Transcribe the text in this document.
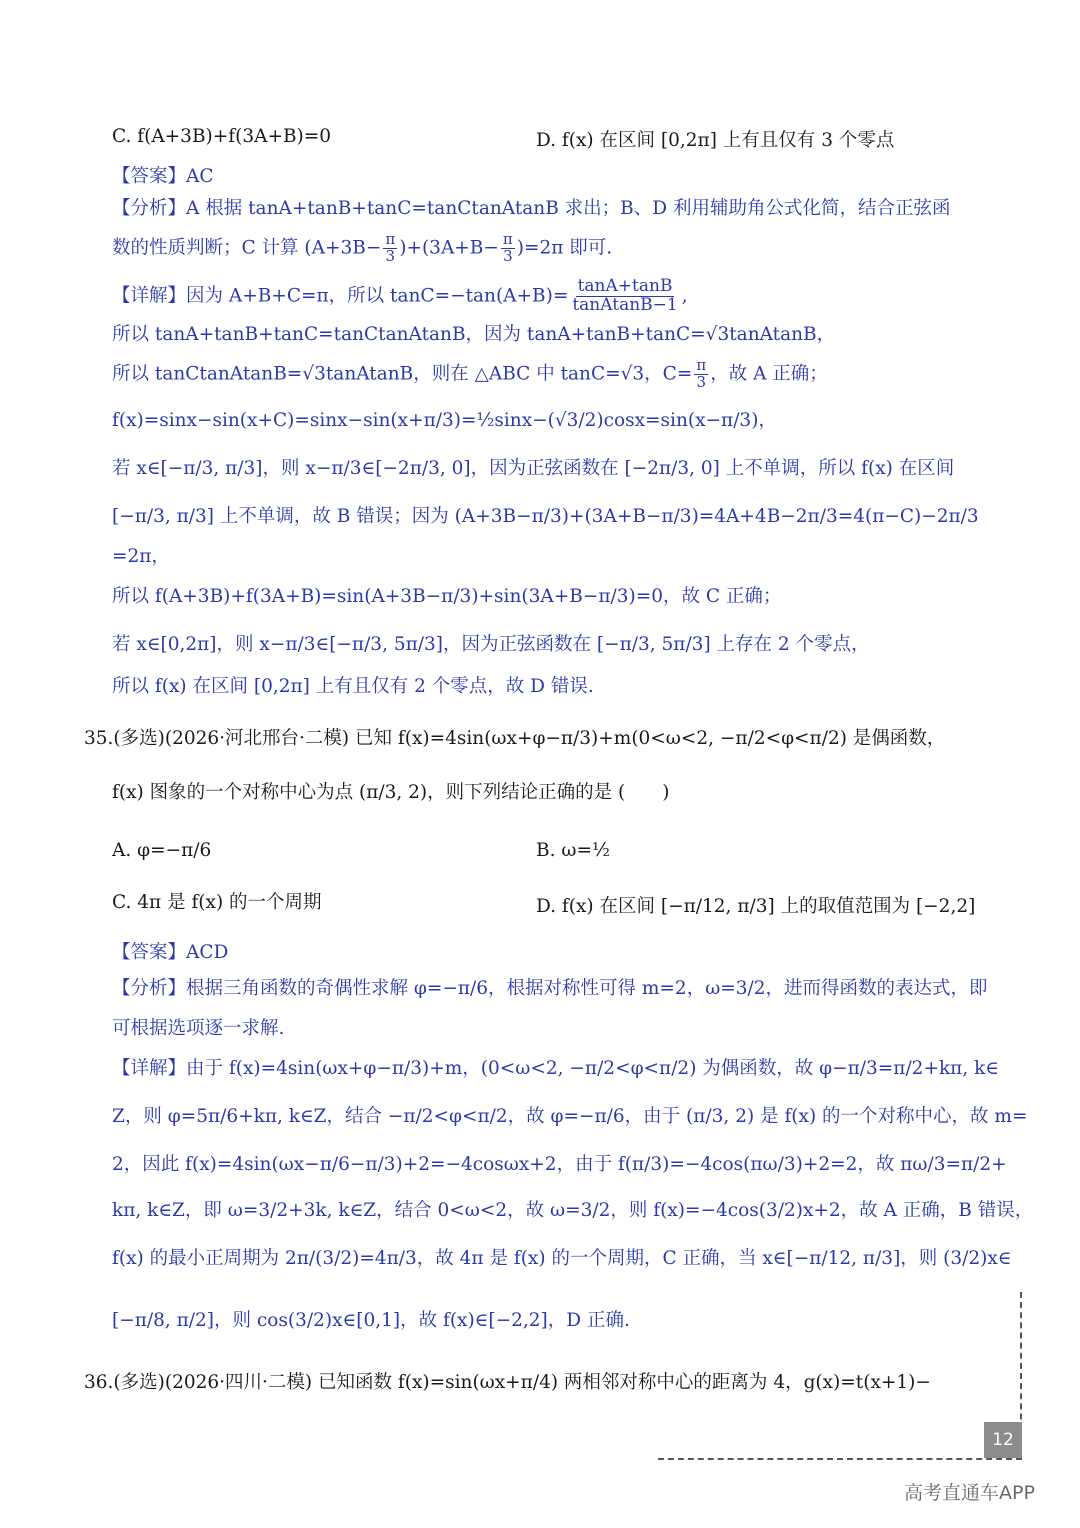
C. f(A+3B)+f(3A+B)=0	D. f(x) 在区间 [0,2π] 上有且仅有 3 个零点
【答案】AC
【分析】A 根据 tanA+tanB+tanC=tanCtanAtanB 求出；B、D 利用辅助角公式化简，结合正弦函
数的性质判断；C 计算 $(A+3B- \frac{\pi}{3} )+(3A+B- \frac{\pi}{3} )=2\pi$ 即可.
【详解】因为 A+B+C=π，所以 $\tan C=-\tan(A+B)= \frac{\tan A+\tan B}{\text{tanAtanB−1}}$ ,
所以 tanA+tanB+tanC=tanCtanAtanB，因为 tanA+tanB+tanC=√3tanAtanB，
所以 tanCtanAtanB=√3tanAtanB，则在 △ABC 中 tanC=√3，$C= \frac{\pi}{3}$ ，故 A 正确；
f(x)=sinx−sin(x+C)=sinx−sin(x+π/3)=½sinx−(√3/2)cosx=sin(x−π/3)，
若 x∈[−π/3, π/3]，则 x−π/3∈[−2π/3, 0]，因为正弦函数在 [−2π/3, 0] 上不单调，所以 f(x) 在区间
[−π/3, π/3] 上不单调，故 B 错误；因为 (A+3B−π/3)+(3A+B−π/3)=4A+4B−2π/3=4(π−C)−2π/3
=2π，
所以 f(A+3B)+f(3A+B)=sin(A+3B−π/3)+sin(3A+B−π/3)=0，故 C 正确；
若 x∈[0,2π]，则 x−π/3∈[−π/3, 5π/3]，因为正弦函数在 [−π/3, 5π/3] 上存在 2 个零点，
所以 f(x) 在区间 [0,2π] 上有且仅有 2 个零点，故 D 错误.
35.(多选)(2026·河北邢台·二模) 已知 f(x)=4sin(ωx+φ−π/3)+m(0<ω<2, −π/2<φ<π/2) 是偶函数，
f(x) 图象的一个对称中心为点 (π/3, 2)，则下列结论正确的是 (　　)
A. φ=−π/6	B. ω=½
C. 4π 是 f(x) 的一个周期	D. f(x) 在区间 [−π/12, π/3] 上的取值范围为 [−2,2]
【答案】ACD
【分析】根据三角函数的奇偶性求解 φ=−π/6，根据对称性可得 m=2，ω=3/2，进而得函数的表达式，即
可根据选项逐一求解.
【详解】由于 f(x)=4sin(ωx+φ−π/3)+m，(0<ω<2, −π/2<φ<π/2) 为偶函数，故 φ−π/3=π/2+kπ, k∈
Z，则 φ=5π/6+kπ, k∈Z，结合 −π/2<φ<π/2，故 φ=−π/6，由于 (π/3, 2) 是 f(x) 的一个对称中心，故 m=
2，因此 f(x)=4sin(ωx−π/6−π/3)+2=−4cosωx+2，由于 f(π/3)=−4cos(πω/3)+2=2，故 πω/3=π/2+
kπ, k∈Z，即 ω=3/2+3k, k∈Z，结合 0<ω<2，故 ω=3/2，则 f(x)=−4cos(3/2)x+2，故 A 正确，B 错误，
f(x) 的最小正周期为 2π/(3/2)=4π/3，故 4π 是 f(x) 的一个周期，C 正确，当 x∈[−π/12, π/3]，则 (3/2)x∈
[−π/8, π/2]，则 cos(3/2)x∈[0,1]，故 f(x)∈[−2,2]，D 正确.
36.(多选)(2026·四川·二模) 已知函数 f(x)=sin(ωx+π/4) 两相邻对称中心的距离为 4，g(x)=t(x+1)−
12
高考直通车APP
